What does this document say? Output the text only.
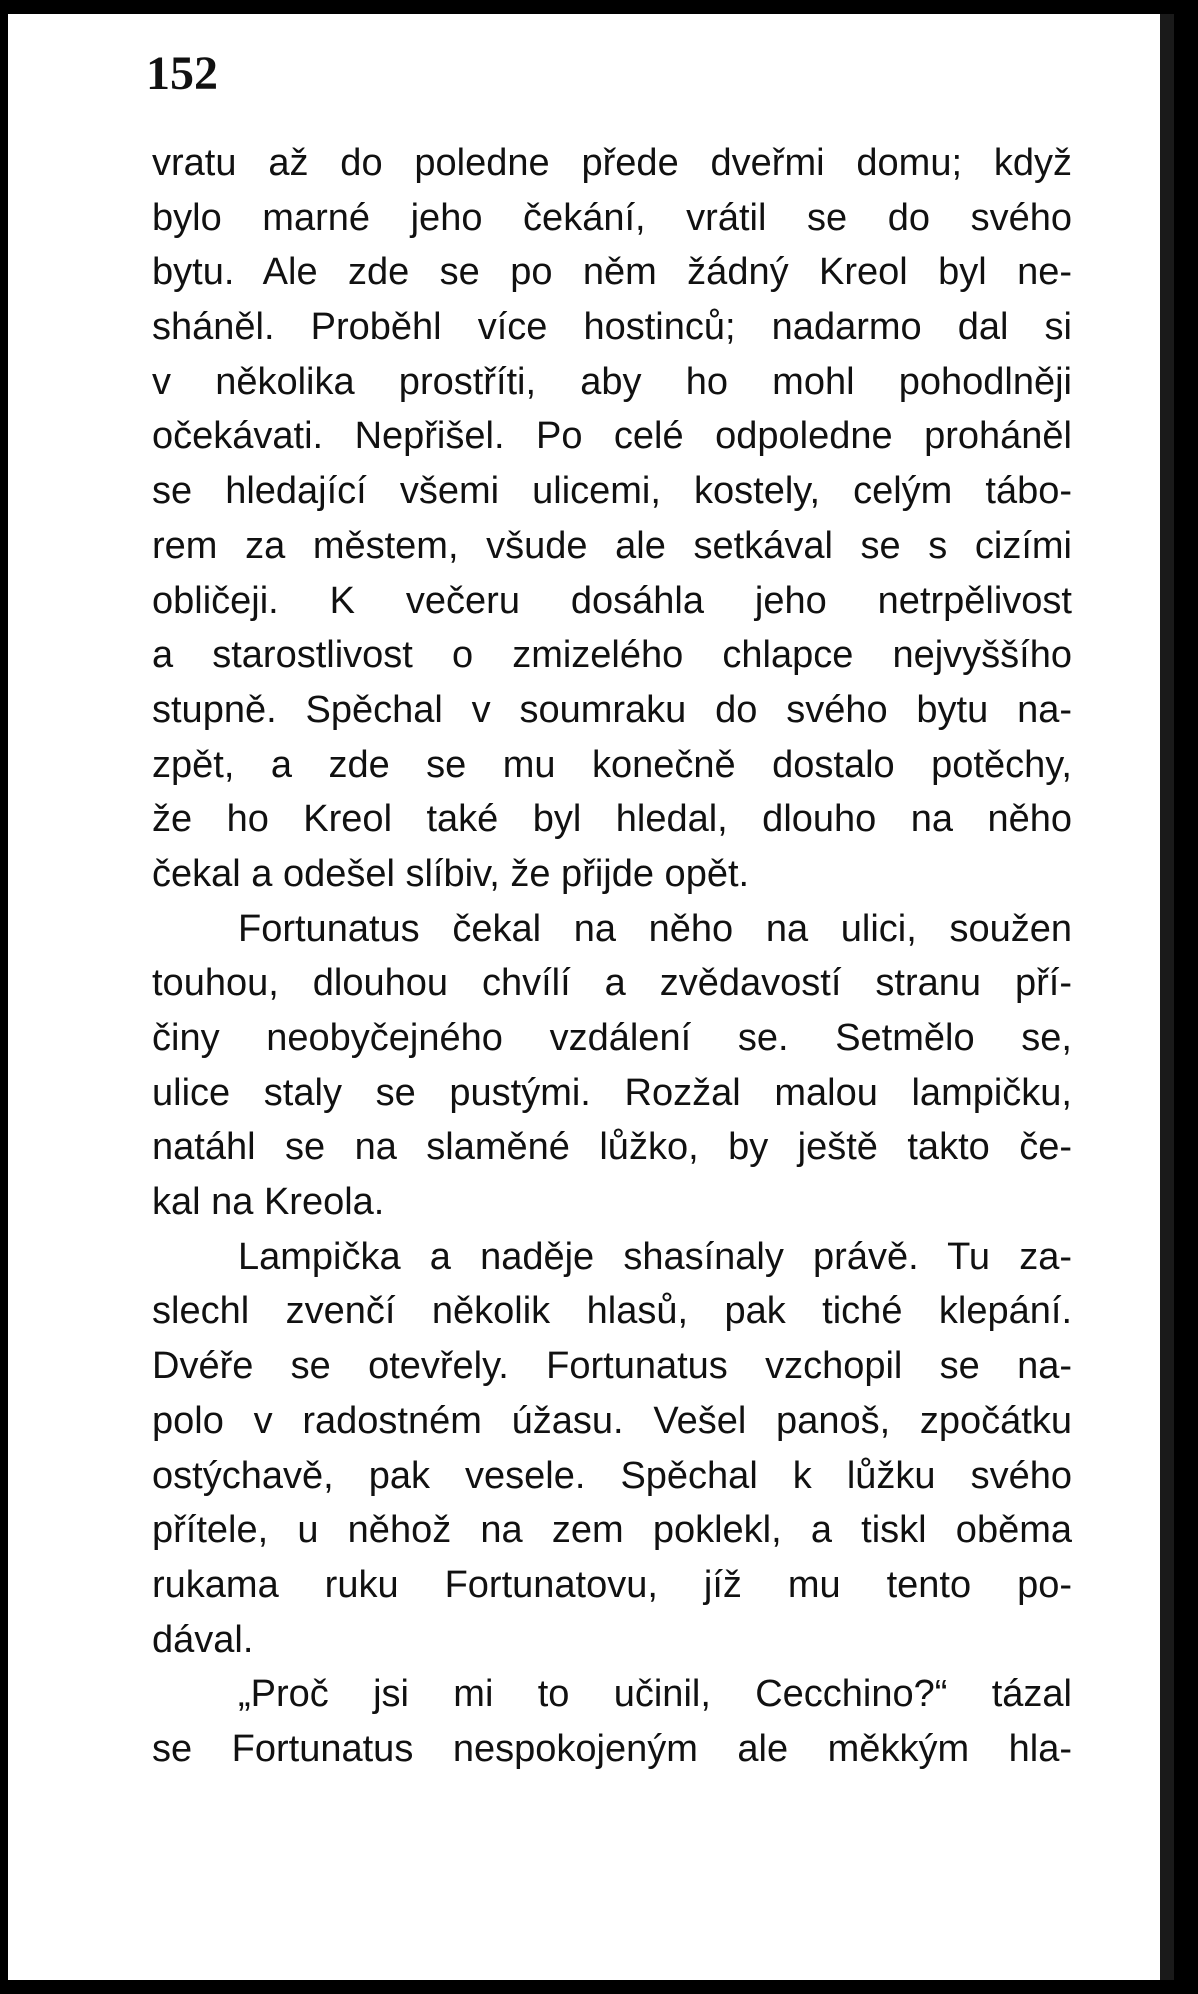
152

vratu až do poledne přede dveřmi domu; když
bylo marné jeho čekání, vrátil se do svého
bytu. Ale zde se po něm žádný Kreol byl ne-
sháněl. Proběhl více hostinců; nadarmo dal si
v několika prostříti, aby ho mohl pohodlněji
očekávati. Nepřišel. Po celé odpoledne proháněl
se hledající všemi ulicemi, kostely, celým tábo-
rem za městem, všude ale setkával se s cizími
obličeji. K večeru dosáhla jeho netrpělivost
a starostlivost o zmizelého chlapce nejvyššího
stupně. Spěchal v soumraku do svého bytu na-
zpět, a zde se mu konečně dostalo potěchy,
že ho Kreol také byl hledal, dlouho na něho
čekal a odešel slíbiv, že přijde opět.
Fortunatus čekal na něho na ulici, soužen
touhou, dlouhou chvílí a zvědavostí stranu pří-
činy neobyčejného vzdálení se. Setmělo se,
ulice staly se pustými. Rozžal malou lampičku,
natáhl se na slaměné lůžko, by ještě takto če-
kal na Kreola.
Lampička a naděje shasínaly právě. Tu za-
slechl zvenčí několik hlasů, pak tiché klepání.
Dvéře se otevřely. Fortunatus vzchopil se na-
polo v radostném úžasu. Vešel panoš, zpočátku
ostýchavě, pak vesele. Spěchal k lůžku svého
přítele, u něhož na zem poklekl, a tiskl oběma
rukama ruku Fortunatovu, jíž mu tento po-
dával.
„Proč jsi mi to učinil, Cecchino?“ tázal
se Fortunatus nespokojeným ale měkkým hla-
